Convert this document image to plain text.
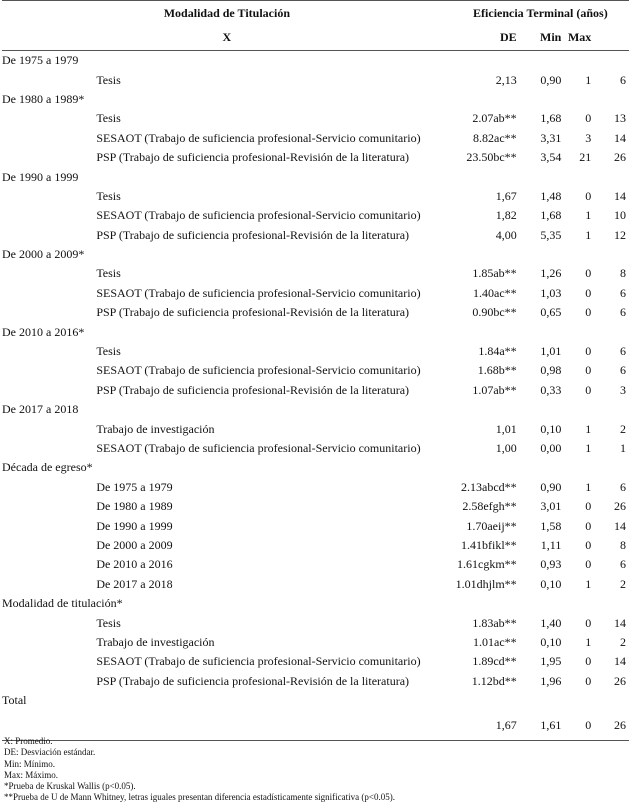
Modalidad de Titulación		Eficiencia Terminal (años)			
X		DE	Min	Max	
De 1975 a 1979					
	Tesis	2,13	0,90	1	6
De 1980 a 1989*					
	Tesis	2.07ab**	1,68	0	13
	SESAOT (Trabajo de suficiencia profesional-Servicio comunitario)	8.82ac**	3,31	3	14
	PSP (Trabajo de suficiencia profesional-Revisión de la literatura)	23.50bc**	3,54	21	26
De 1990 a 1999					
	Tesis	1,67	1,48	0	14
	SESAOT (Trabajo de suficiencia profesional-Servicio comunitario)	1,82	1,68	1	10
	PSP (Trabajo de suficiencia profesional-Revisión de la literatura)	4,00	5,35	1	12
De 2000 a 2009*					
	Tesis	1.85ab**	1,26	0	8
	SESAOT (Trabajo de suficiencia profesional-Servicio comunitario)	1.40ac**	1,03	0	6
	PSP (Trabajo de suficiencia profesional-Revisión de la literatura)	0.90bc**	0,65	0	6
De 2010 a 2016*					
	Tesis	1.84a**	1,01	0	6
	SESAOT (Trabajo de suficiencia profesional-Servicio comunitario)	1.68b**	0,98	0	6
	PSP (Trabajo de suficiencia profesional-Revisión de la literatura)	1.07ab**	0,33	0	3
De 2017 a 2018					
	Trabajo de investigación	1,01	0,10	1	2
	SESAOT (Trabajo de suficiencia profesional-Servicio comunitario)	1,00	0,00	1	1
Década de egreso*					
	De 1975 a 1979	2.13abcd**	0,90	1	6
	De 1980 a 1989	2.58efgh**	3,01	0	26
	De 1990 a 1999	1.70aeij**	1,58	0	14
	De 2000 a 2009	1.41bfikl**	1,11	0	8
	De 2010 a 2016	1.61cgkm**	0,93	0	6
	De 2017 a 2018	1.01dhjlm**	0,10	1	2
Modalidad de titulación*					
	Tesis	1.83ab**	1,40	0	14
	Trabajo de investigación	1.01ac**	0,10	1	2
	SESAOT (Trabajo de suficiencia profesional-Servicio comunitario)	1.89cd**	1,95	0	14
	PSP (Trabajo de suficiencia profesional-Revisión de la literatura)	1.12bd**	1,96	0	26
Total					
		1,67	1,61	0	26
X: Promedio.
DE: Desviación estándar.
Min: Mínimo.
Max: Máximo.
*Prueba de Kruskal Wallis (p<0.05).
**Prueba de U de Mann Whitney, letras iguales presentan diferencia estadísticamente significativa (p<0.05).
